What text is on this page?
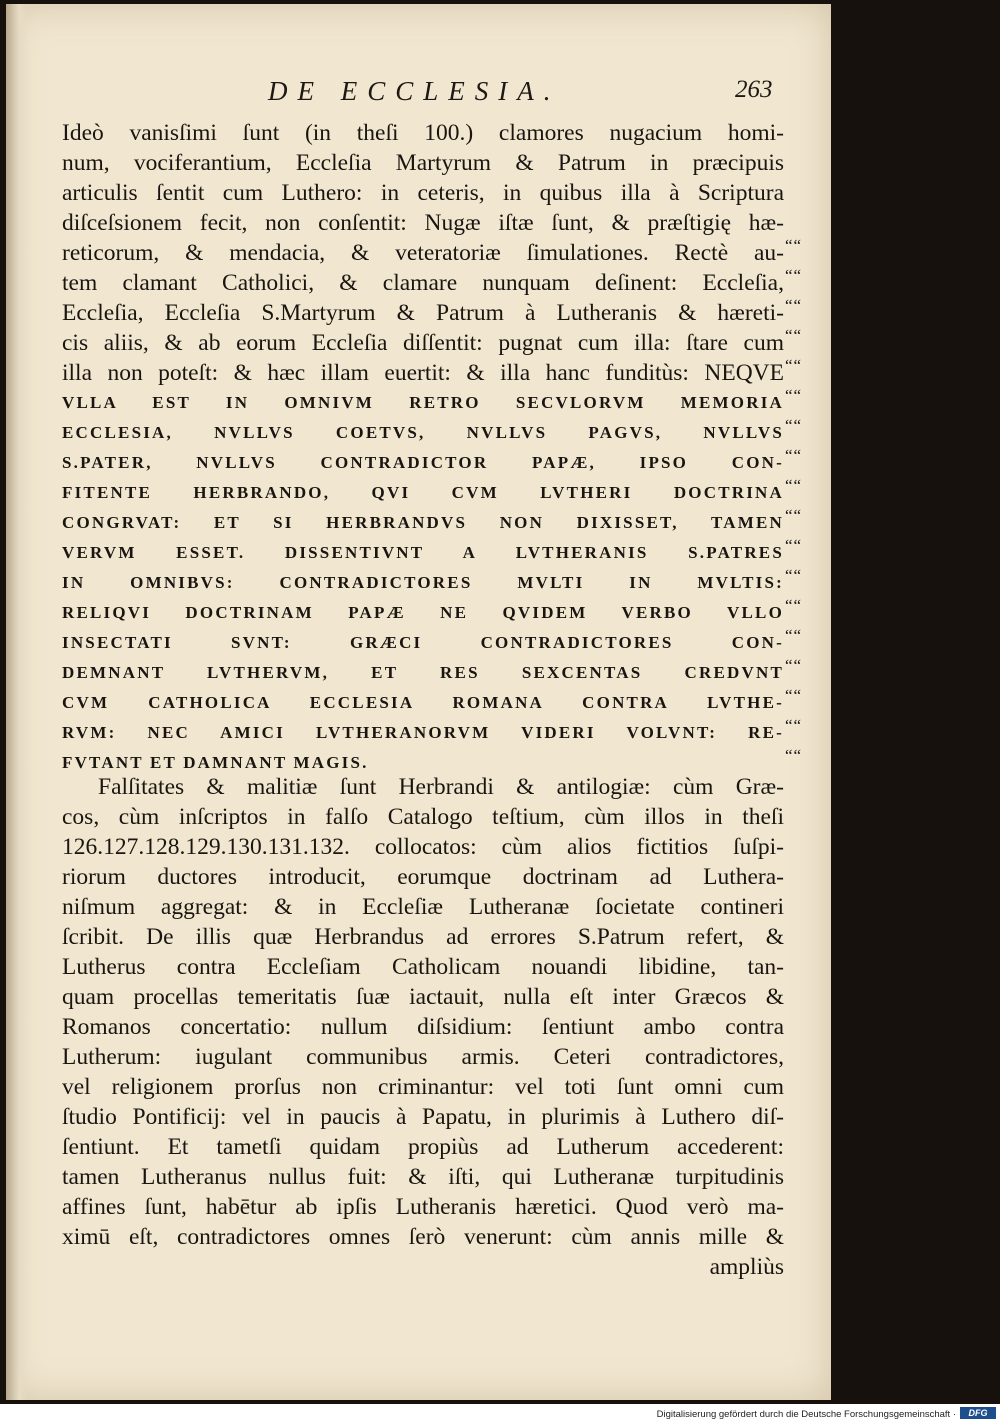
DE ECCLESIA.	263
Ideò vanisſimi ſunt (in theſi 100.) clamores nugacium homi-
num, vociferantium, Eccleſia Martyrum & Patrum in præcipuis
articulis ſentit cum Luthero: in ceteris, in quibus illa à Scriptura
diſceſsionem fecit, non conſentit: Nugæ iſtæ ſunt, & præſtigię hæ-
reticorum, & mendacia, & veteratoriæ ſimulationes. Rectè au-
tem clamant Catholici, & clamare nunquam deſinent: Eccleſia,
Eccleſia, Eccleſia S.Martyrum & Patrum à Lutheranis & hæreti-
cis aliis, & ab eorum Eccleſia diſſentit: pugnat cum illa: ſtare cum
illa non poteſt: & hæc illam euertit: & illa hanc funditùs: NEQVE
VLLA EST IN OMNIVM RETRO SECVLORVM MEMORIA
ECCLESIA, NVLLVS COETVS, NVLLVS PAGVS, NVLLVS
S.PATER, NVLLVS CONTRADICTOR PAPÆ, IPSO CON-
FITENTE HERBRANDO, QVI CVM LVTHERI DOCTRINA
CONGRVAT: ET SI HERBRANDVS NON DIXISSET, TAMEN
VERVM ESSET. DISSENTIVNT A LVTHERANIS S.PATRES
IN OMNIBVS: CONTRADICTORES MVLTI IN MVLTIS:
RELIQVI DOCTRINAM PAPÆ NE QVIDEM VERBO VLLO
INSECTATI SVNT: GRÆCI CONTRADICTORES CON-
DEMNANT LVTHERVM, ET RES SEXCENTAS CREDVNT
CVM CATHOLICA ECCLESIA ROMANA CONTRA LVTHE-
RVM: NEC AMICI LVTHERANORVM VIDERI VOLVNT: RE-
FVTANT ET DAMNANT MAGIS.
Falſitates & malitiæ ſunt Herbrandi & antilogiæ: cùm Græ-
cos, cùm inſcriptos in falſo Catalogo teſtium, cùm illos in theſi
126.127.128.129.130.131.132. collocatos: cùm alios fictitios ſuſpi-
riorum ductores introducit, eorumque doctrinam ad Luthera-
niſmum aggregat: & in Eccleſiæ Lutheranæ ſocietate contineri
ſcribit. De illis quæ Herbrandus ad errores S.Patrum refert, &
Lutherus contra Eccleſiam Catholicam nouandi libidine, tan-
quam procellas temeritatis ſuæ iactauit, nulla eſt inter Græcos &
Romanos concertatio: nullum diſsidium: ſentiunt ambo contra
Lutherum: iugulant communibus armis. Ceteri contradictores,
vel religionem prorſus non criminantur: vel toti ſunt omni cum
ſtudio Pontificij: vel in paucis à Papatu, in plurimis à Luthero diſ-
ſentiunt. Et tametſi quidam propiùs ad Lutherum accederent:
tamen Lutheranus nullus fuit: & iſti, qui Lutheranæ turpitudinis
affines ſunt, habētur ab ipſis Lutheranis hæretici. Quod verò ma-
ximū eſt, contradictores omnes ſerò venerunt: cùm annis mille &
ampliùs
““
““
““
““
““
““
““
““
““
““
““
““
““
““
““
““
““
““
Digitalisierung gefördert durch die Deutsche Forschungsgemeinschaft ·	DFG
